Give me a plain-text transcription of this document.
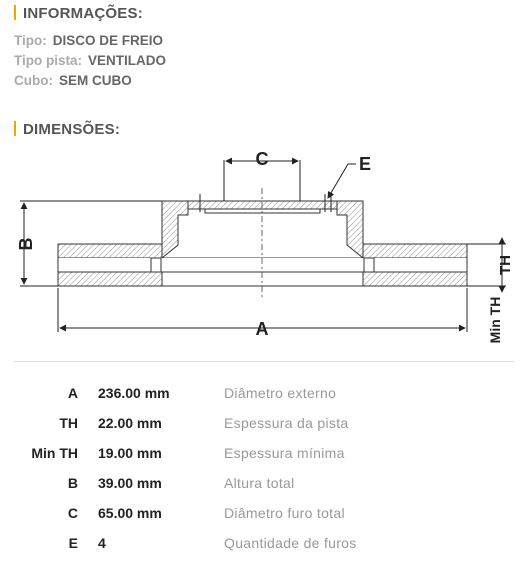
INFORMAÇÕES:
Tipo: DISCO DE FREIO
Tipo pista: VENTILADO
Cubo: SEM CUBO
DIMENSÕES:
C	E
B
A
TH
Min TH
A 236.00 mm	Diâmetro externo
TH 22.00 mm	Espessura da pista
Min TH 19.00 mm	Espessura mínima
B 39.00 mm	Altura total
C 65.00 mm	Diâmetro furo total
E 4	Quantidade de furos
